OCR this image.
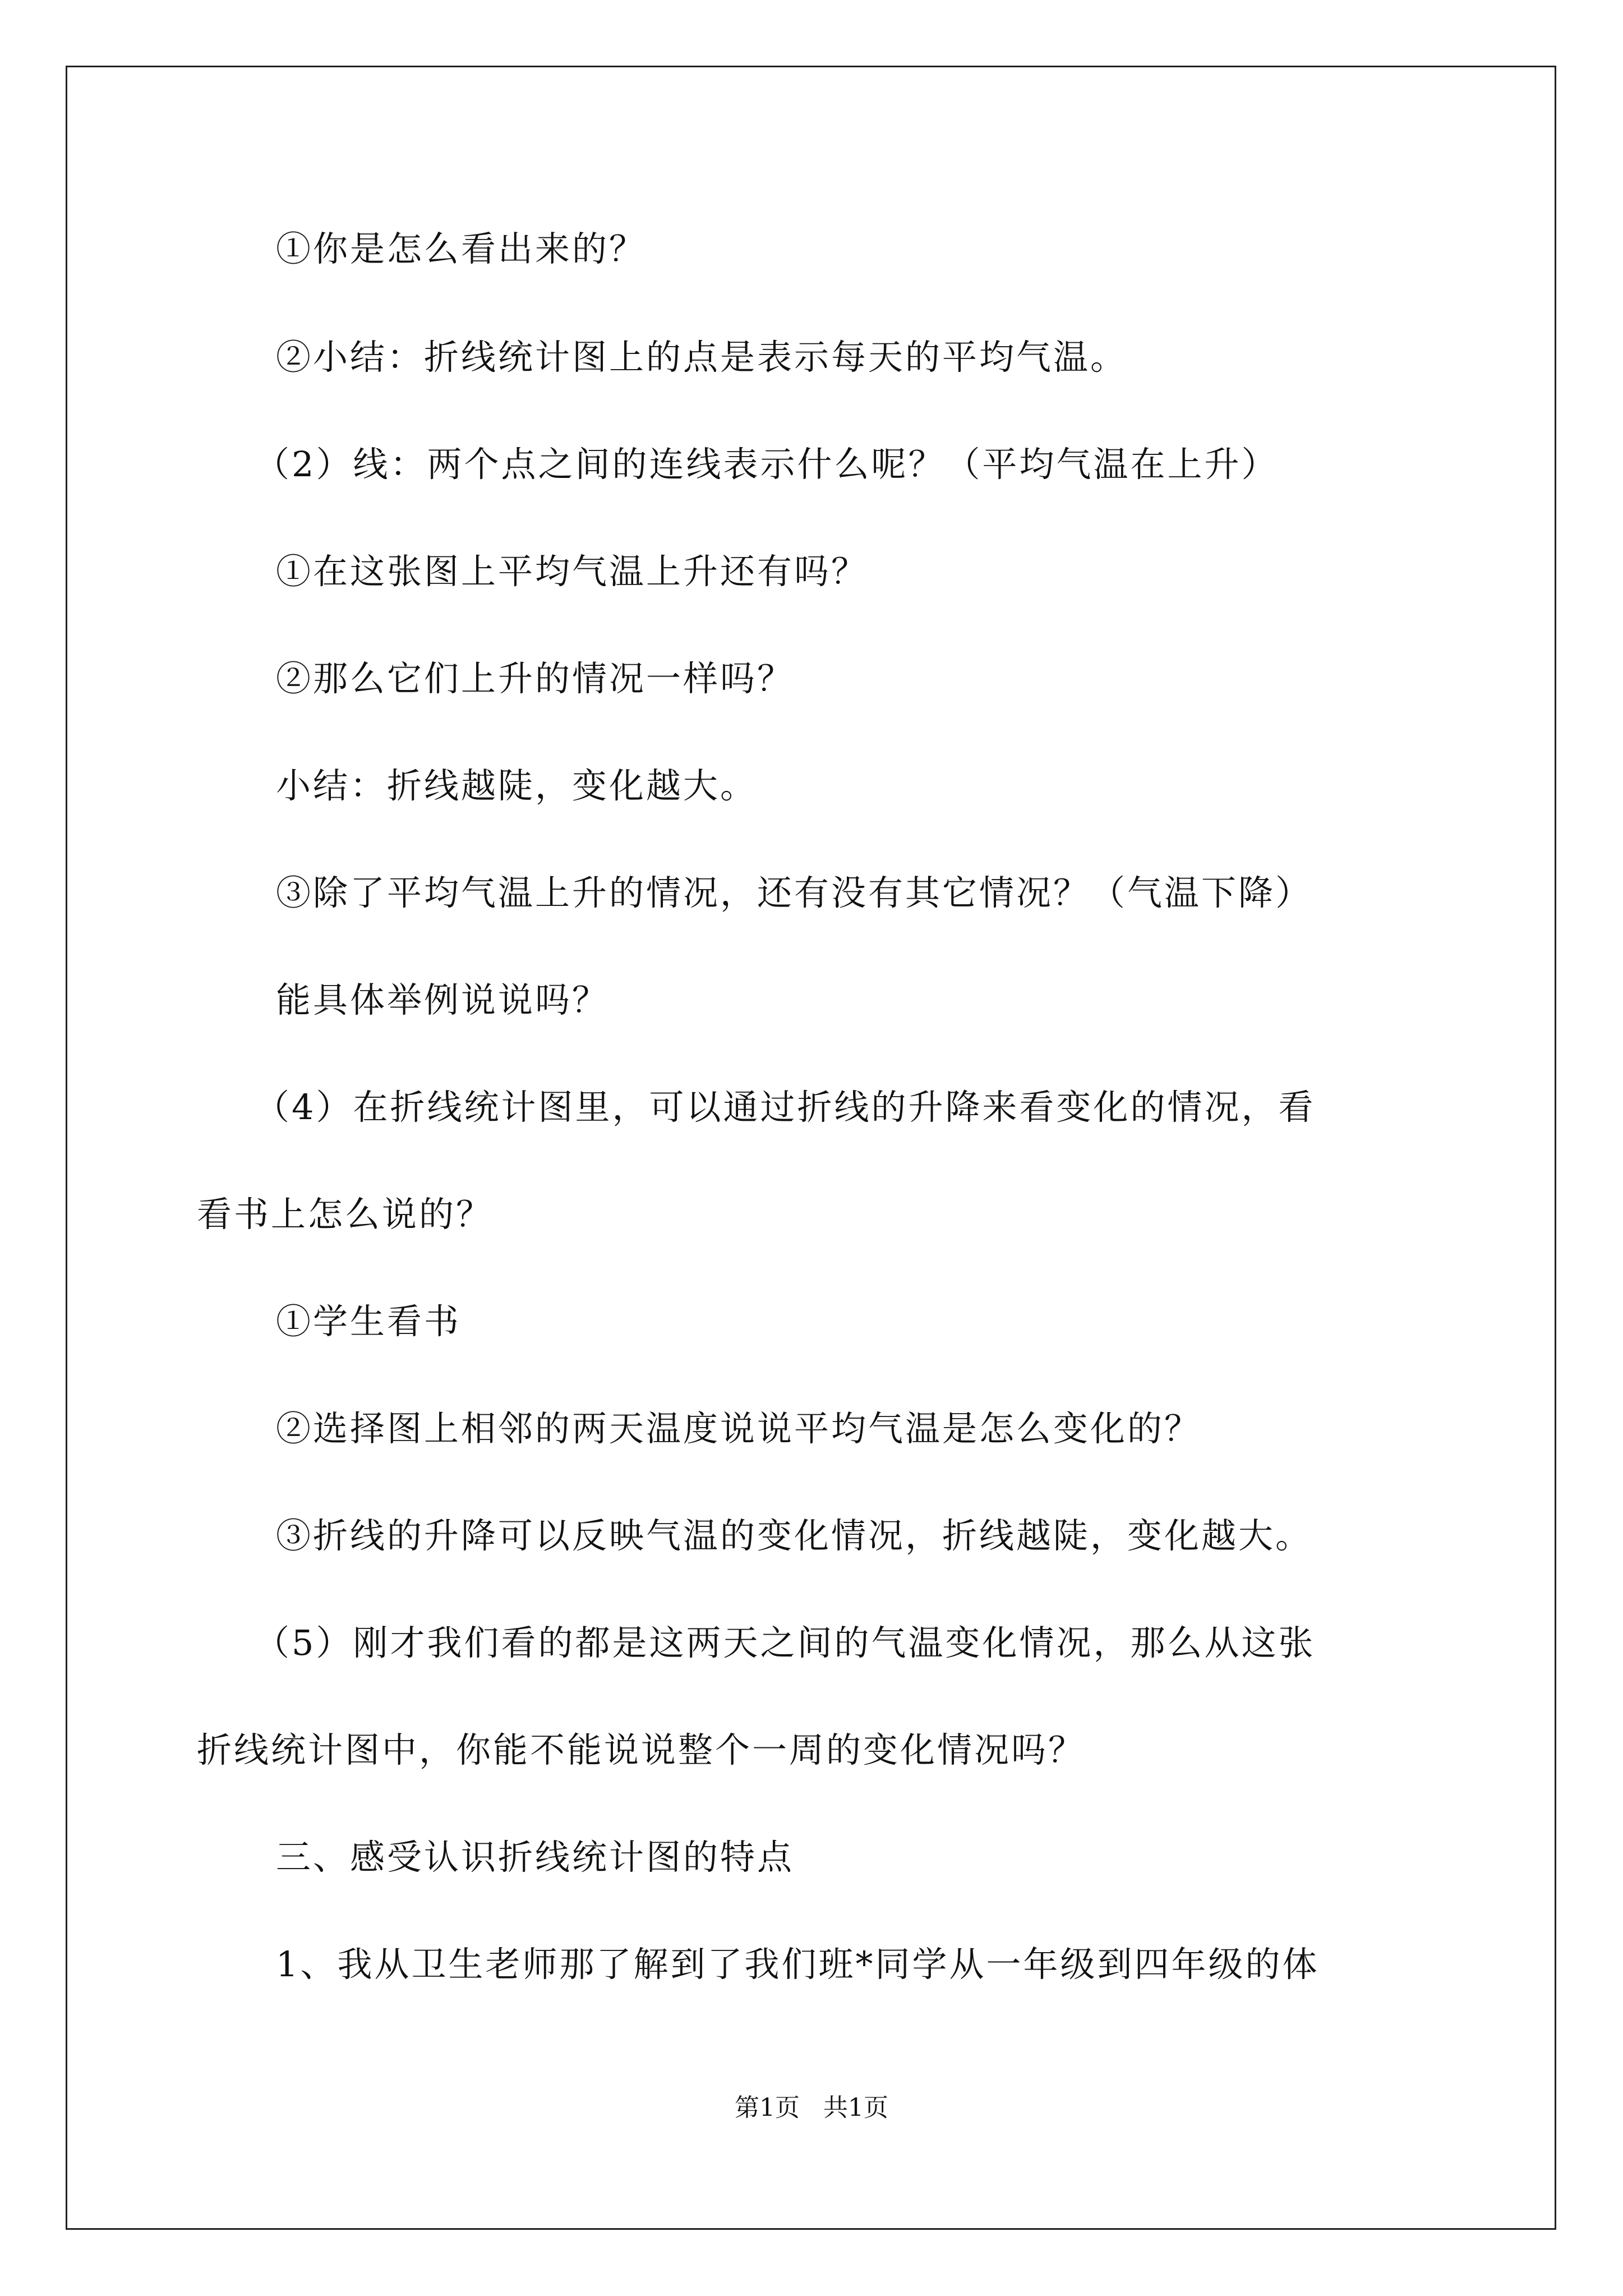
①你是怎么看出来的？
②小结：折线统计图上的点是表示每天的平均气温。
（2）线：两个点之间的连线表示什么呢？（平均气温在上升）
①在这张图上平均气温上升还有吗？
②那么它们上升的情况一样吗？
小结：折线越陡，变化越大。
③除了平均气温上升的情况，还有没有其它情况？（气温下降）
能具体举例说说吗？
（4）在折线统计图里，可以通过折线的升降来看变化的情况，看
看书上怎么说的？
①学生看书
②选择图上相邻的两天温度说说平均气温是怎么变化的？
③折线的升降可以反映气温的变化情况，折线越陡，变化越大。
（5）刚才我们看的都是这两天之间的气温变化情况，那么从这张
折线统计图中，你能不能说说整个一周的变化情况吗？
三、感受认识折线统计图的特点
1、我从卫生老师那了解到了我们班*同学从一年级到四年级的体
第1页   共1页
